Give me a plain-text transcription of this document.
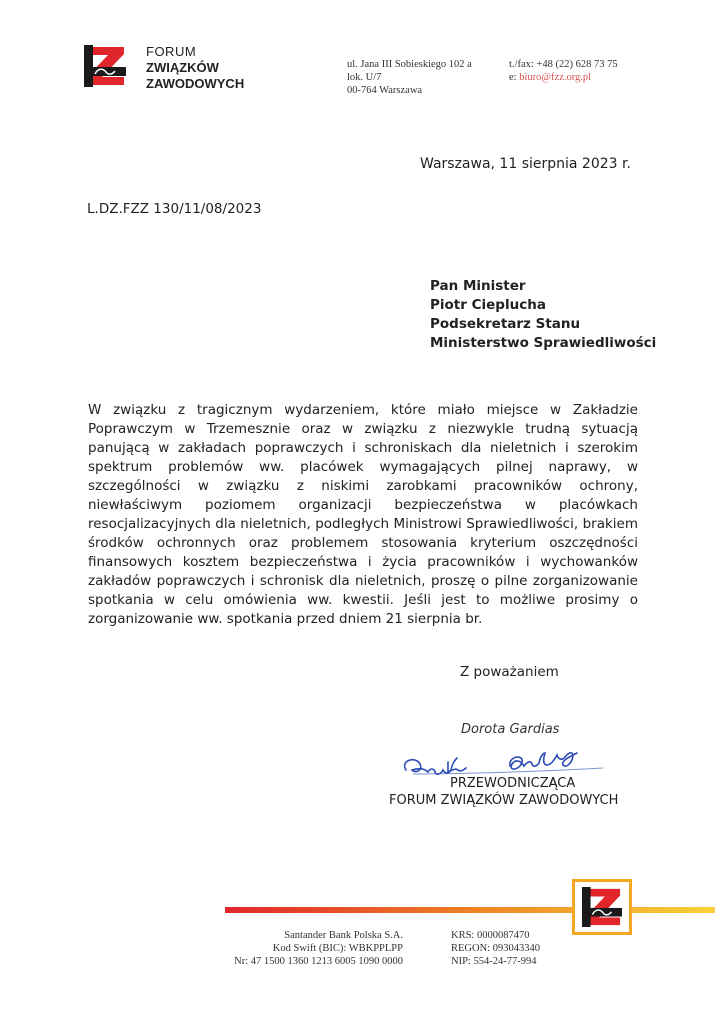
FORUM
ZWIĄZKÓW
ZAWODOWYCH
ul. Jana III Sobieskiego 102 a
lok. U/7
00-764 Warszawa
t./fax: +48 (22) 628 73 75
e: biuro@fzz.org.pl
Warszawa, 11 sierpnia 2023 r.
L.DZ.FZZ 130/11/08/2023
Pan Minister
Piotr Cieplucha
Podsekretarz Stanu
Ministerstwo Sprawiedliwości
W związku z tragicznym wydarzeniem, które miało miejsce w Zakładzie Poprawczym w Trzemesznie oraz w związku z niezwykle trudną sytuacją panującą w zakładach poprawczych i schroniskach dla nieletnich i szerokim spektrum problemów ww. placówek wymagających pilnej naprawy, w szczególności w związku z niskimi zarobkami pracowników ochrony, niewłaściwym poziomem organizacji bezpieczeństwa w placówkach resocjalizacyjnych dla nieletnich, podległych Ministrowi Sprawiedliwości, brakiem środków ochronnych oraz problemem stosowania kryterium oszczędności finansowych kosztem bezpieczeństwa i życia pracowników i wychowanków zakładów poprawczych i schronisk dla nieletnich, proszę o pilne zorganizowanie spotkania w celu omówienia ww. kwestii. Jeśli jest to możliwe prosimy o zorganizowanie ww. spotkania przed dniem 21 sierpnia br.
Z poważaniem
Dorota Gardias
PRZEWODNICZĄCA
FORUM ZWIĄZKÓW ZAWODOWYCH
Santander Bank Polska S.A.
Kod Swift (BIC): WBKPPLPP
Nr: 47 1500 1360 1213 6005 1090 0000
KRS: 0000087470
REGON: 093043340
NIP: 554-24-77-994
